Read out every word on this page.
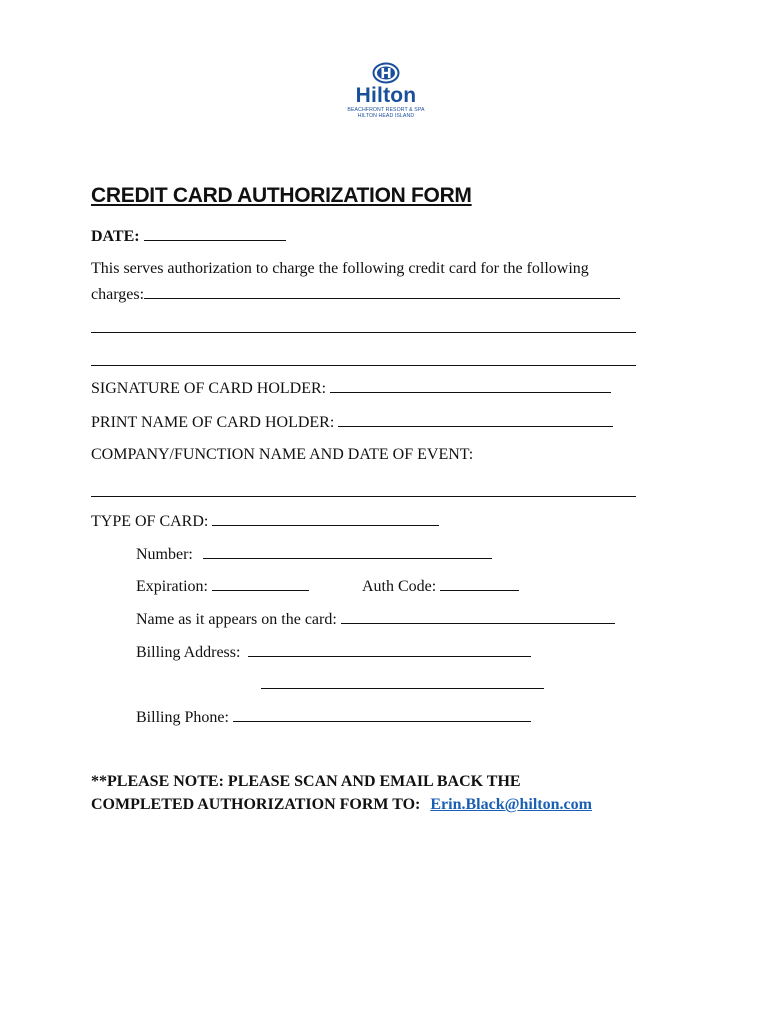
Hilton
BEACHFRONT RESORT & SPA
HILTON HEAD ISLAND
CREDIT CARD AUTHORIZATION FORM
DATE:
This serves authorization to charge the following credit card for the following
charges:
SIGNATURE OF CARD HOLDER:
PRINT NAME OF CARD HOLDER:
COMPANY/FUNCTION NAME AND DATE OF EVENT:
TYPE OF CARD:
Number:
Expiration:	Auth Code:
Name as it appears on the card:
Billing Address:
Billing Phone:
**PLEASE NOTE: PLEASE SCAN AND EMAIL BACK THE
COMPLETED AUTHORIZATION FORM TO: Erin.Black@hilton.com
